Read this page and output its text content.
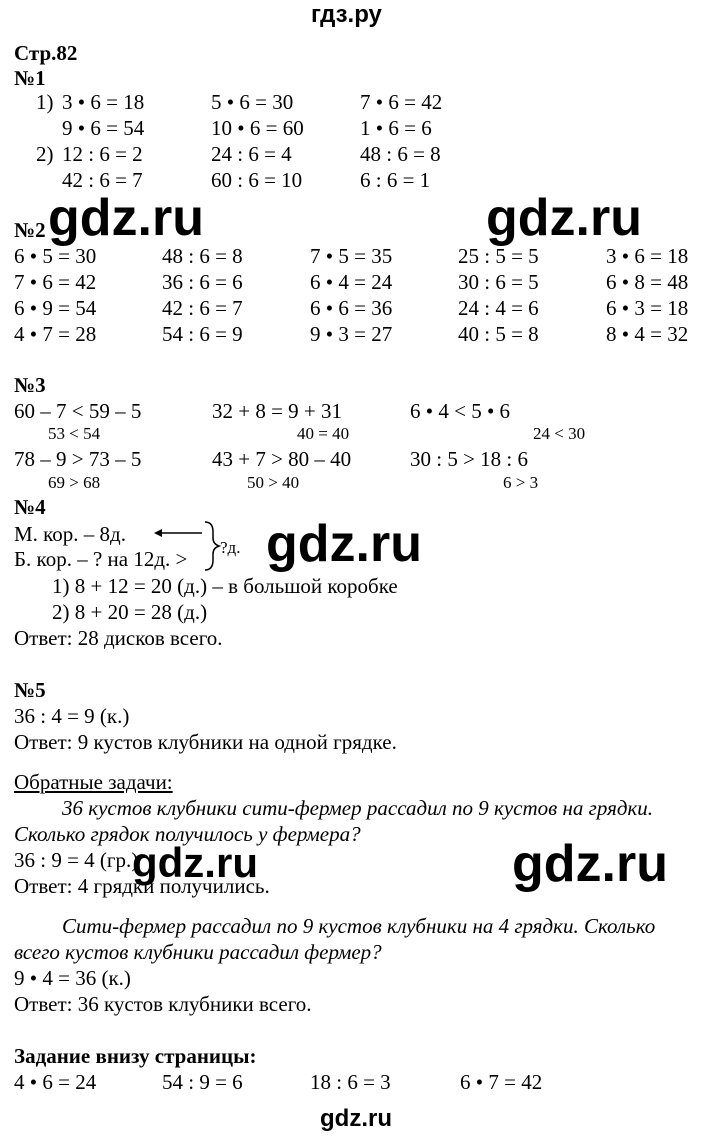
гдз.ру
Стр.82
№1
1) 3 • 6 = 18	5 • 6 = 30	7 • 6 = 42
9 • 6 = 54	10 • 6 = 60	1 • 6 = 6
2) 12 : 6 = 2	24 : 6 = 4	48 : 6 = 8
42 : 6 = 7	60 : 6 = 10	6 : 6 = 1
№2
6 • 5 = 30	48 : 6 = 8	7 • 5 = 35	25 : 5 = 5	3 • 6 = 18
7 • 6 = 42	36 : 6 = 6	6 • 4 = 24	30 : 6 = 5	6 • 8 = 48
6 • 9 = 54	42 : 6 = 7	6 • 6 = 36	24 : 4 = 6	6 • 3 = 18
4 • 7 = 28	54 : 6 = 9	9 • 3 = 27	40 : 5 = 8	8 • 4 = 32
№3
60 – 7 < 59 – 5	32 + 8 = 9 + 31	6 • 4 < 5 • 6
53 < 54	40 = 40	24 < 30
78 – 9 > 73 – 5	43 + 7 > 80 – 40	30 : 5 > 18 : 6
69 > 68	50 > 40	6 > 3
№4
М. кор. – 8д.
Б. кор. – ? на 12д. > ?д.
1) 8 + 12 = 20 (д.) – в большой коробке
2) 8 + 20 = 28 (д.)
Ответ: 28 дисков всего.
№5
36 : 4 = 9 (к.)
Ответ: 9 кустов клубники на одной грядке.
Обратные задачи:
36 кустов клубники сити-фермер рассадил по 9 кустов на грядки.
Сколько грядок получилось у фермера?
36 : 9 = 4 (гр.)
Ответ: 4 грядки получились.
Сити-фермер рассадил по 9 кустов клубники на 4 грядки. Сколько
всего кустов клубники рассадил фермер?
9 • 4 = 36 (к.)
Ответ: 36 кустов клубники всего.
Задание внизу страницы:
4 • 6 = 24	54 : 9 = 6	18 : 6 = 3	6 • 7 = 42
gdz.ru	gdz.ru
gdz.ru
gdz.ru	gdz.ru
gdz.ru
